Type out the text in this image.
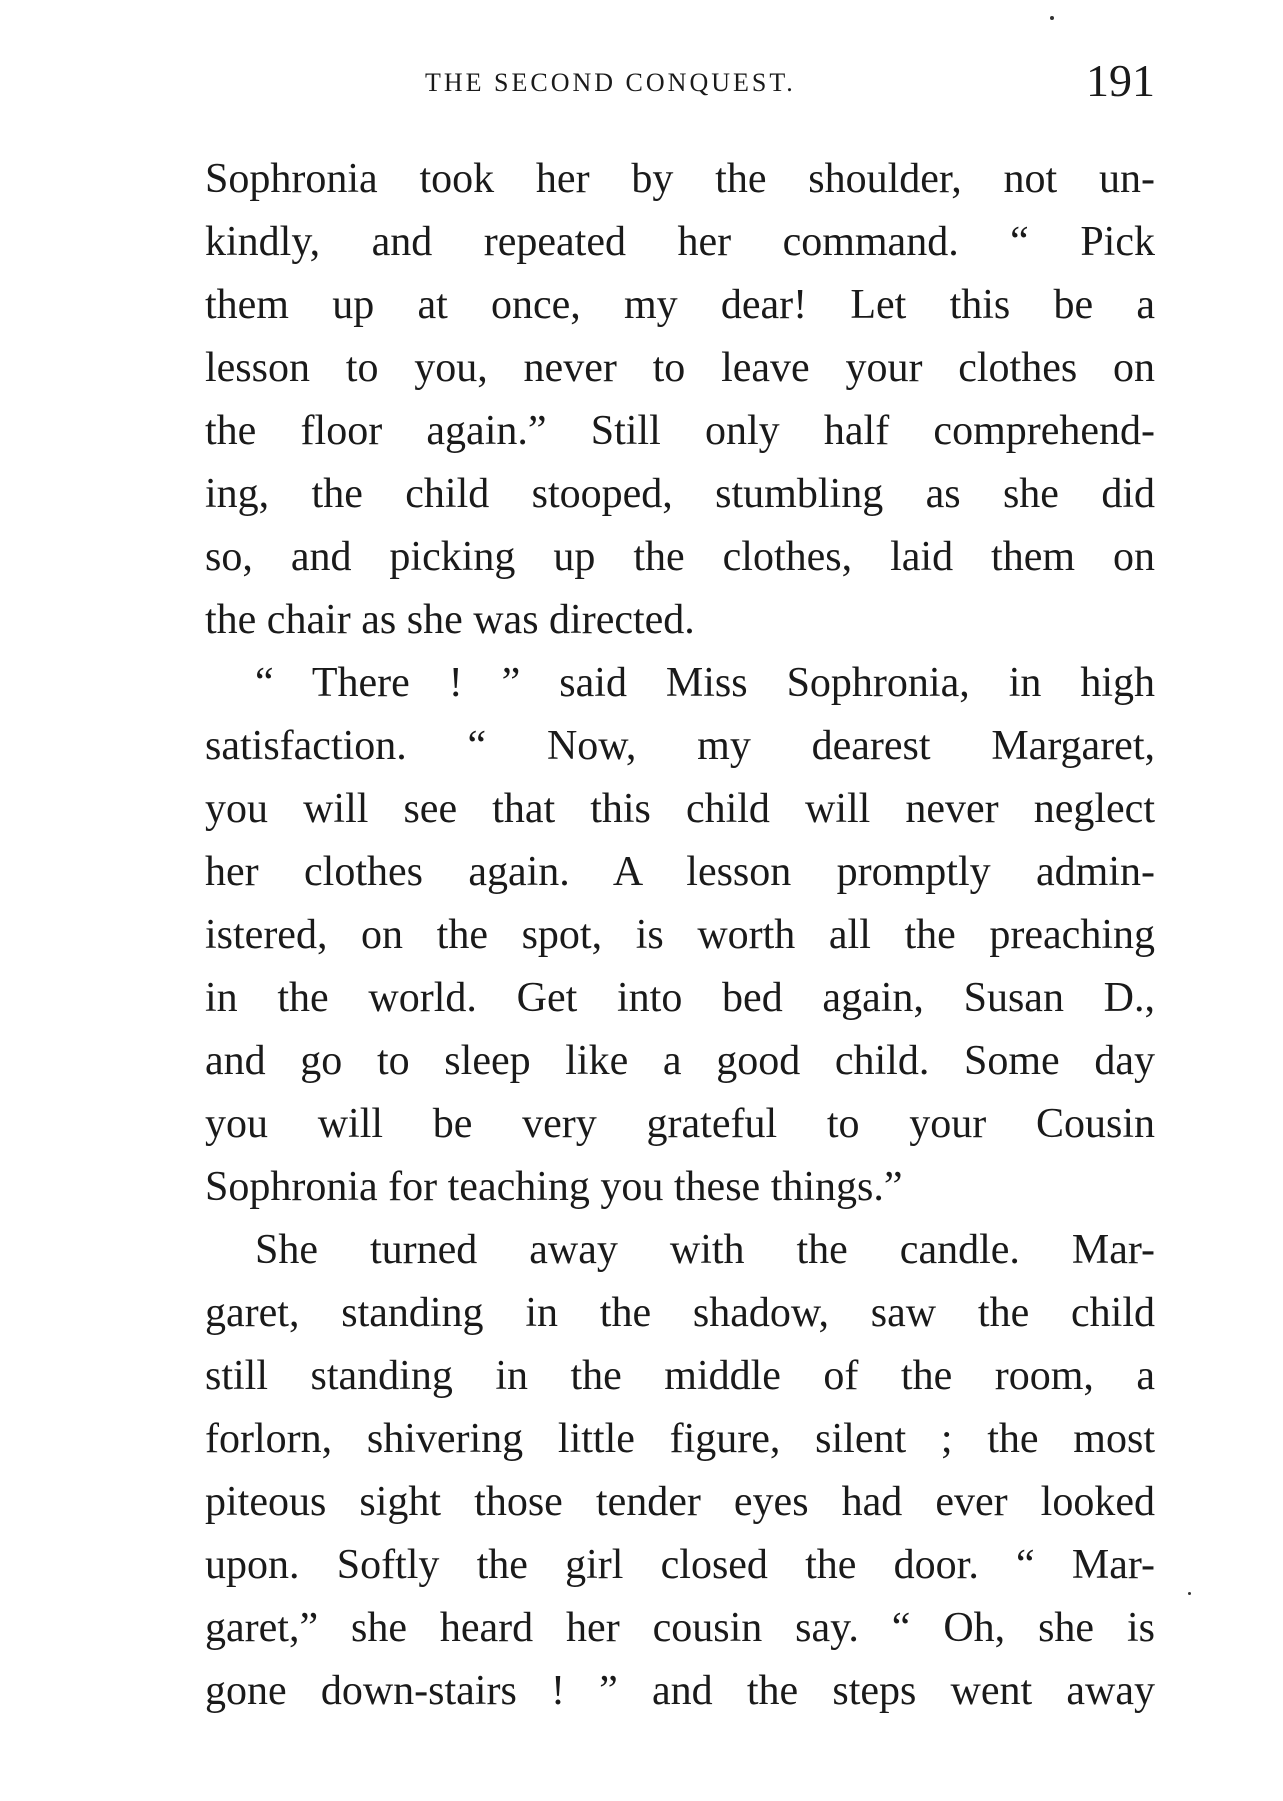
THE SECOND CONQUEST.	191
Sophronia took her by the shoulder, not un-
kindly, and repeated her command. “ Pick
them up at once, my dear! Let this be a
lesson to you, never to leave your clothes on
the floor again.” Still only half comprehend-
ing, the child stooped, stumbling as she did
so, and picking up the clothes, laid them on
the chair as she was directed.
“ There ! ” said Miss Sophronia, in high
satisfaction. “ Now, my dearest Margaret,
you will see that this child will never neglect
her clothes again. A lesson promptly admin-
istered, on the spot, is worth all the preaching
in the world. Get into bed again, Susan D.,
and go to sleep like a good child. Some day
you will be very grateful to your Cousin
Sophronia for teaching you these things.”
She turned away with the candle. Mar-
garet, standing in the shadow, saw the child
still standing in the middle of the room, a
forlorn, shivering little figure, silent ; the most
piteous sight those tender eyes had ever looked
upon. Softly the girl closed the door. “ Mar-
garet,” she heard her cousin say. “ Oh, she is
gone down-stairs ! ” and the steps went away
